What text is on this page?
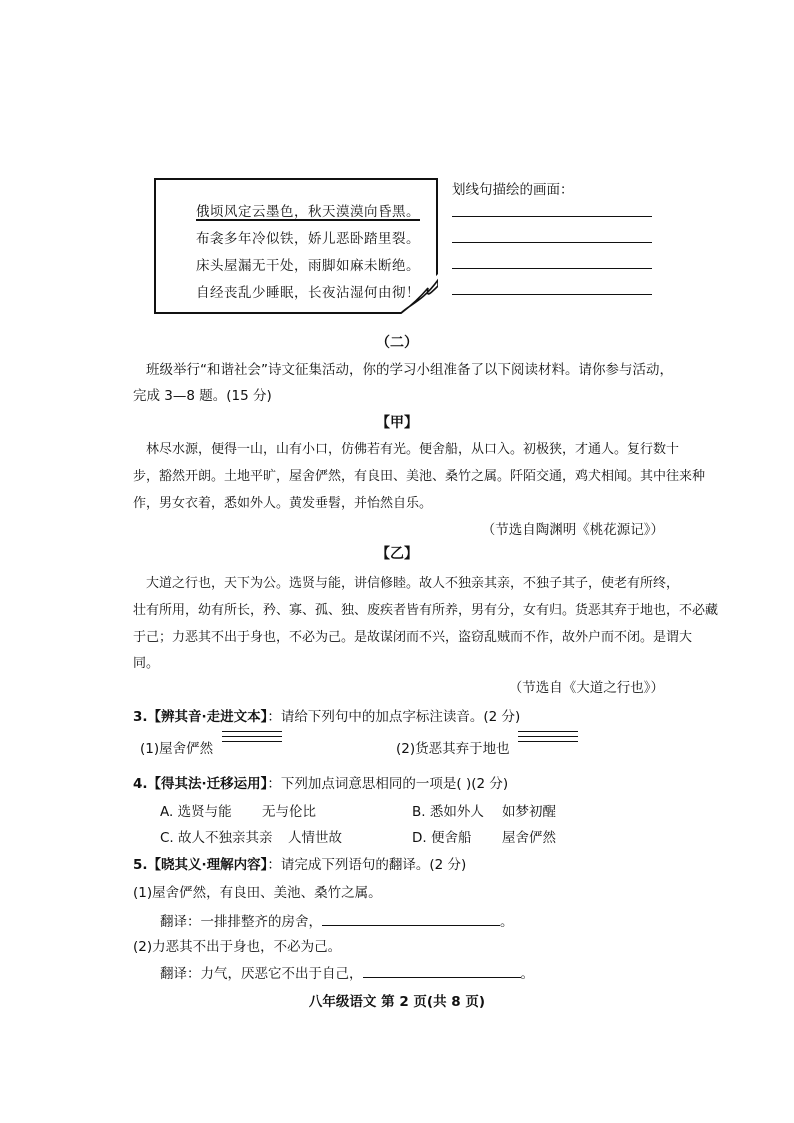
俄顷风定云墨色，秋天漠漠向昏黑。
布衾多年冷似铁，娇儿恶卧踏里裂。
床头屋漏无干处，雨脚如麻未断绝。
自经丧乱少睡眠，长夜沾湿何由彻！
划线句描绘的画面：
（二）
班级举行“和谐社会”诗文征集活动，你的学习小组准备了以下阅读材料。请你参与活动，
完成 3—8 题。(15 分)
【甲】
林尽水源，便得一山，山有小口，仿佛若有光。便舍船，从口入。初极狭，才通人。复行数十
步，豁然开朗。土地平旷，屋舍俨然，有良田、美池、桑竹之属。阡陌交通，鸡犬相闻。其中往来种
作，男女衣着，悉如外人。黄发垂髫，并怡然自乐。
（节选自陶渊明《桃花源记》）
【乙】
大道之行也，天下为公。选贤与能，讲信修睦。故人不独亲其亲，不独子其子，使老有所终，
壮有所用，幼有所长，矜、寡、孤、独、废疾者皆有所养，男有分，女有归。货恶其弃于地也，不必藏
于己；力恶其不出于身也，不必为己。是故谋闭而不兴，盗窃乱贼而不作，故外户而不闭。是谓大
同。
（节选自《大道之行也》）
3.【辨其音·走进文本】：请给下列句中的加点字标注读音。(2 分)
(1)屋舍俨然	(2)货恶其弃于地也
4.【得其法·迁移运用】：下列加点词意思相同的一项是( )(2 分)
A. 选贤与能 无与伦比	B. 悉如外人 如梦初醒
C. 故人不独亲其亲 人情世故	D. 便舍船 屋舍俨然
5.【晓其义·理解内容】：请完成下列语句的翻译。(2 分)
(1)屋舍俨然，有良田、美池、桑竹之属。
翻译：一排排整齐的房舍，	。
(2)力恶其不出于身也，不必为己。
翻译：力气，厌恶它不出于自己，	。
八年级语文 第 2 页(共 8 页)
